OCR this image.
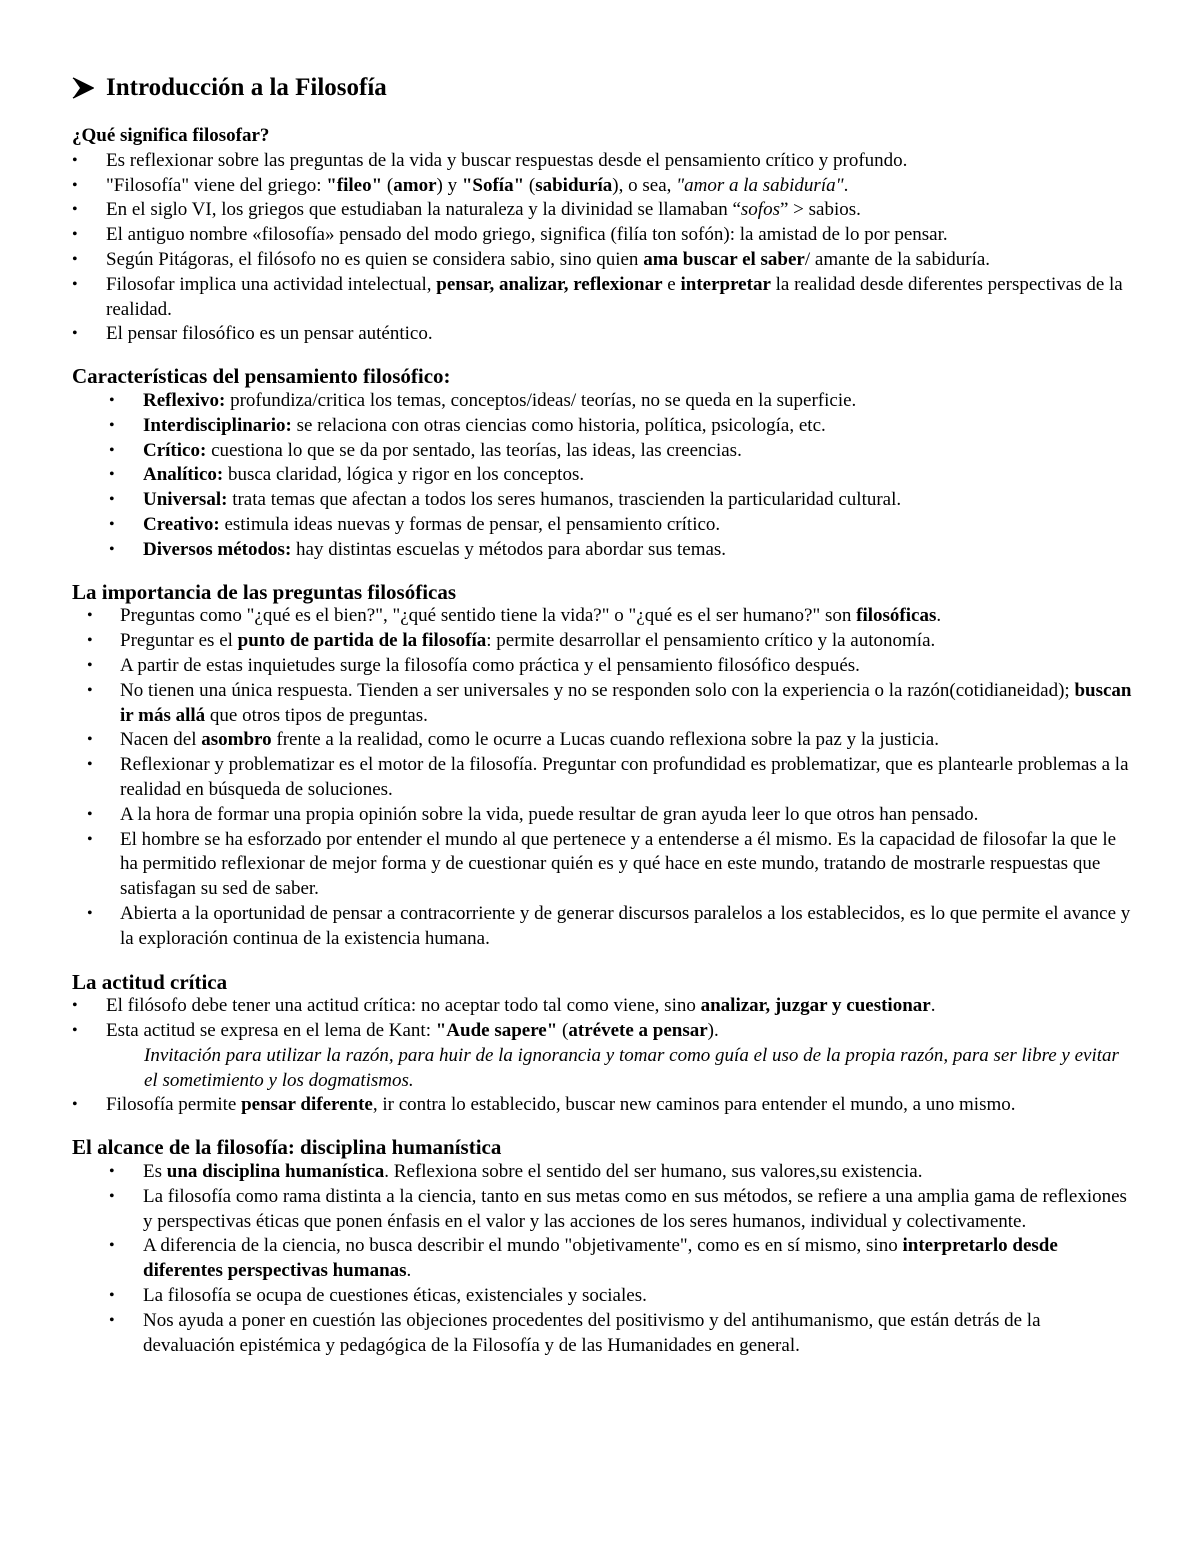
Introducción a la Filosofía

¿Qué significa filosofar?

• Es reflexionar sobre las preguntas de la vida y buscar respuestas desde el pensamiento crítico y profundo.
• "Filosofía" viene del griego: "fileo" (amor) y "Sofía" (sabiduría), o sea, "amor a la sabiduría".
• En el siglo VI, los griegos que estudiaban la naturaleza y la divinidad se llamaban “sofos” > sabios.
• El antiguo nombre «filosofía» pensado del modo griego, significa (filía ton sofón): la amistad de lo por pensar.
• Según Pitágoras, el filósofo no es quien se considera sabio, sino quien ama buscar el saber/ amante de la sabiduría.
• Filosofar implica una actividad intelectual, pensar, analizar, reflexionar e interpretar la realidad desde diferentes perspectivas de la realidad.
• El pensar filosófico es un pensar auténtico.

Características del pensamiento filosófico:

• Reflexivo: profundiza/critica los temas, conceptos/ideas/ teorías, no se queda en la superficie.
• Interdisciplinario: se relaciona con otras ciencias como historia, política, psicología, etc.
• Crítico: cuestiona lo que se da por sentado, las teorías, las ideas, las creencias.
• Analítico: busca claridad, lógica y rigor en los conceptos.
• Universal: trata temas que afectan a todos los seres humanos, trascienden la particularidad cultural.
• Creativo: estimula ideas nuevas y formas de pensar, el pensamiento crítico.
• Diversos métodos: hay distintas escuelas y métodos para abordar sus temas.

La importancia de las preguntas filosóficas

• Preguntas como "¿qué es el bien?", "¿qué sentido tiene la vida?" o "¿qué es el ser humano?" son filosóficas.
• Preguntar es el punto de partida de la filosofía: permite desarrollar el pensamiento crítico y la autonomía.
• A partir de estas inquietudes surge la filosofía como práctica y el pensamiento filosófico después.
• No tienen una única respuesta. Tienden a ser universales y no se responden solo con la experiencia o la razón(cotidianeidad); buscan ir más allá que otros tipos de preguntas.
• Nacen del asombro frente a la realidad, como le ocurre a Lucas cuando reflexiona sobre la paz y la justicia.
• Reflexionar y problematizar es el motor de la filosofía. Preguntar con profundidad es problematizar, que es plantearle problemas a la realidad en búsqueda de soluciones.
• A la hora de formar una propia opinión sobre la vida, puede resultar de gran ayuda leer lo que otros han pensado.
• El hombre se ha esforzado por entender el mundo al que pertenece y a entenderse a él mismo. Es la capacidad de filosofar la que le ha permitido reflexionar de mejor forma y de cuestionar quién es y qué hace en este mundo, tratando de mostrarle respuestas que satisfagan su sed de saber.
• Abierta a la oportunidad de pensar a contracorriente y de generar discursos paralelos a los establecidos, es lo que permite el avance y la exploración continua de la existencia humana.

La actitud crítica

• El filósofo debe tener una actitud crítica: no aceptar todo tal como viene, sino analizar, juzgar y cuestionar.
• Esta actitud se expresa en el lema de Kant: "Aude sapere" (atrévete a pensar).
Invitación para utilizar la razón, para huir de la ignorancia y tomar como guía el uso de la propia razón, para ser libre y evitar el sometimiento y los dogmatismos.
• Filosofía permite pensar diferente, ir contra lo establecido, buscar new caminos para entender el mundo, a uno mismo.

El alcance de la filosofía: disciplina humanística

• Es una disciplina humanística. Reflexiona sobre el sentido del ser humano, sus valores,su existencia.
• La filosofía como rama distinta a la ciencia, tanto en sus metas como en sus métodos, se refiere a una amplia gama de reflexiones y perspectivas éticas que ponen énfasis en el valor y las acciones de los seres humanos, individual y colectivamente.
• A diferencia de la ciencia, no busca describir el mundo "objetivamente", como es en sí mismo, sino interpretarlo desde diferentes perspectivas humanas.
• La filosofía se ocupa de cuestiones éticas, existenciales y sociales.
• Nos ayuda a poner en cuestión las objeciones procedentes del positivismo y del antihumanismo, que están detrás de la devaluación epistémica y pedagógica de la Filosofía y de las Humanidades en general.
